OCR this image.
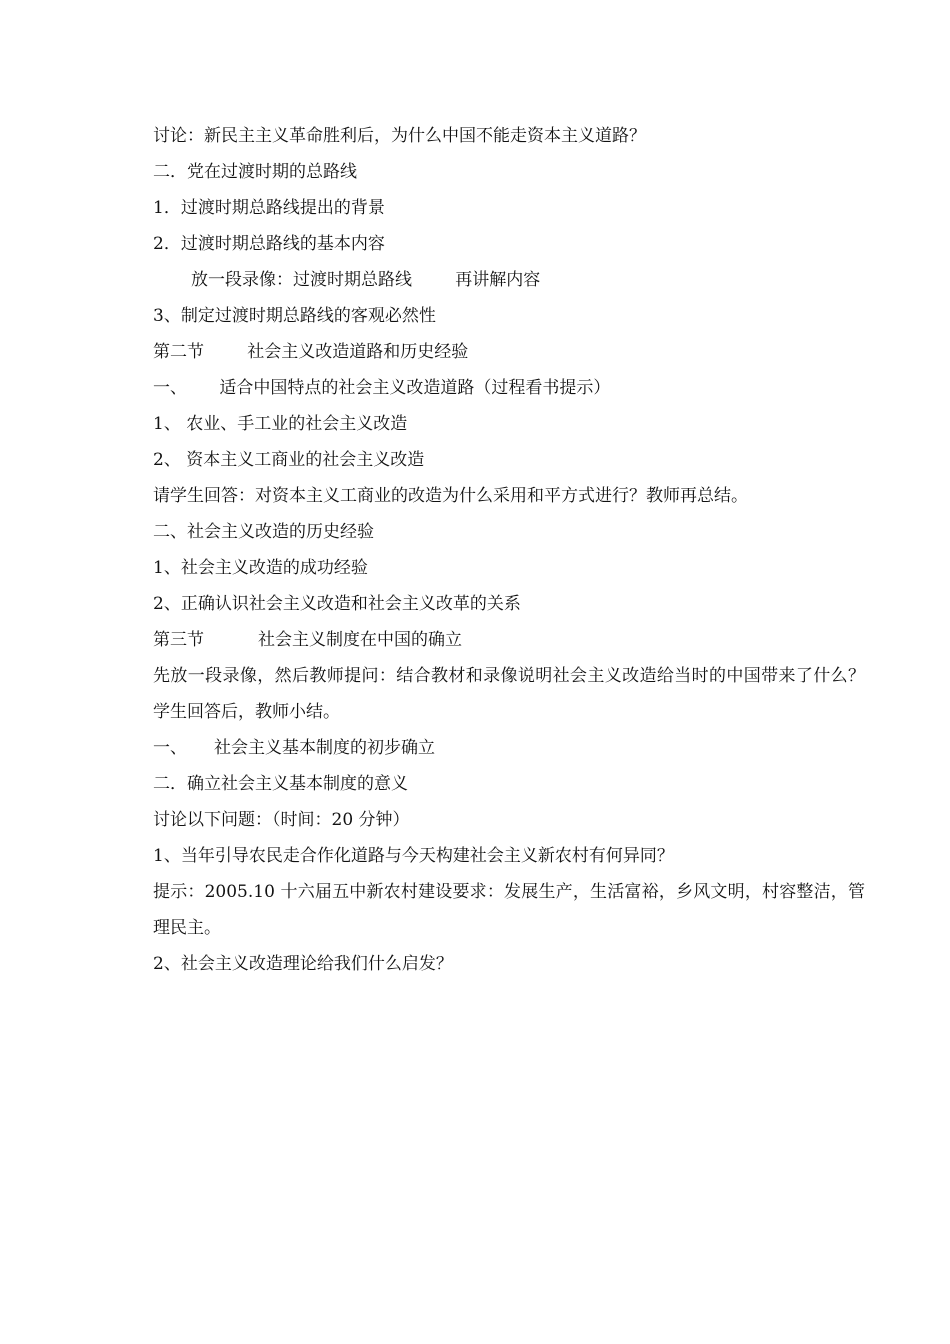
讨论：新民主主义革命胜利后，为什么中国不能走资本主义道路？
二．党在过渡时期的总路线
1．过渡时期总路线提出的背景
2．过渡时期总路线的基本内容
放一段录像：过渡时期总路线        再讲解内容
3、制定过渡时期总路线的客观必然性
第二节        社会主义改造道路和历史经验
一、      适合中国特点的社会主义改造道路（过程看书提示）
1、 农业、手工业的社会主义改造
2、 资本主义工商业的社会主义改造
请学生回答：对资本主义工商业的改造为什么采用和平方式进行？教师再总结。
二、社会主义改造的历史经验
1、社会主义改造的成功经验
2、正确认识社会主义改造和社会主义改革的关系
第三节          社会主义制度在中国的确立
先放一段录像，然后教师提问：结合教材和录像说明社会主义改造给当时的中国带来了什么？学生回答后，教师小结。
一、     社会主义基本制度的初步确立
二．确立社会主义基本制度的意义
讨论以下问题：（时间：20 分钟）
1、当年引导农民走合作化道路与今天构建社会主义新农村有何异同？
提示：2005.10 十六届五中新农村建设要求：发展生产，生活富裕，乡风文明，村容整洁，管理民主。
2、社会主义改造理论给我们什么启发？
